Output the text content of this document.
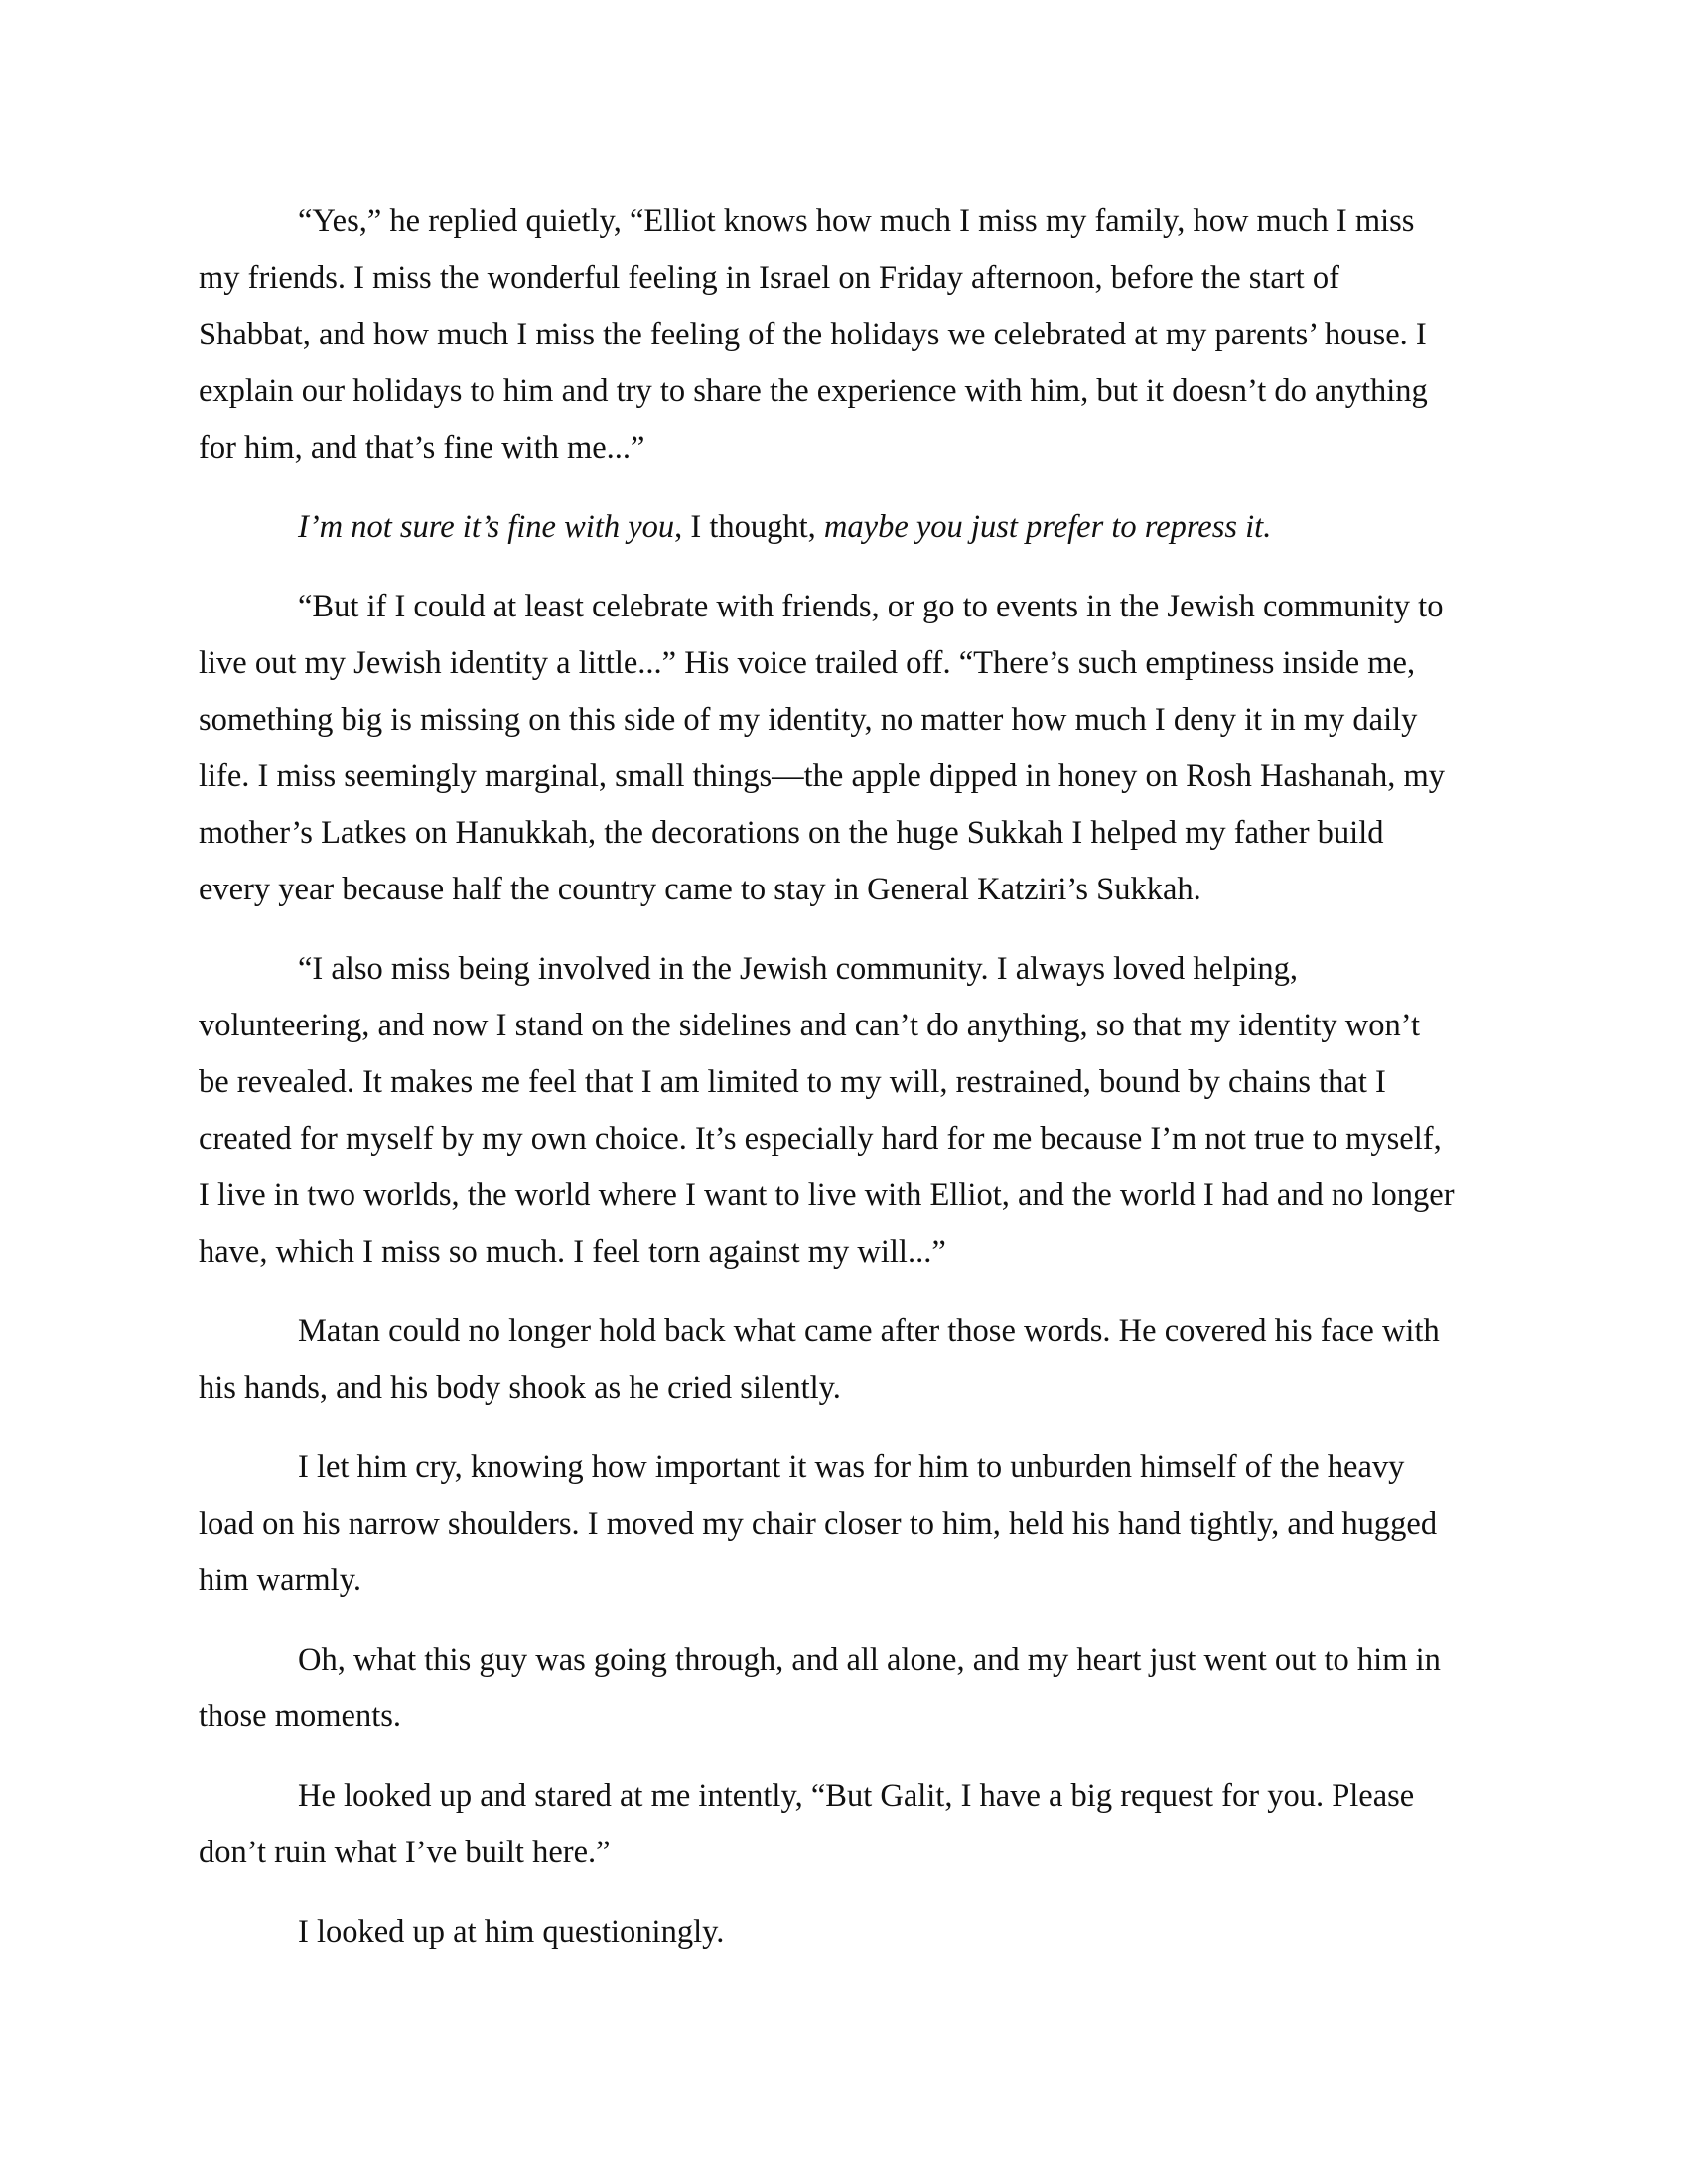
“Yes,” he replied quietly, “Elliot knows how much I miss my family, how much I miss
my friends. I miss the wonderful feeling in Israel on Friday afternoon, before the start of
Shabbat, and how much I miss the feeling of the holidays we celebrated at my parents’ house. I
explain our holidays to him and try to share the experience with him, but it doesn’t do anything
for him, and that’s fine with me...”

I’m not sure it’s fine with you, I thought, maybe you just prefer to repress it.

“But if I could at least celebrate with friends, or go to events in the Jewish community to
live out my Jewish identity a little...” His voice trailed off. “There’s such emptiness inside me,
something big is missing on this side of my identity, no matter how much I deny it in my daily
life. I miss seemingly marginal, small things—the apple dipped in honey on Rosh Hashanah, my
mother’s Latkes on Hanukkah, the decorations on the huge Sukkah I helped my father build
every year because half the country came to stay in General Katziri’s Sukkah.

“I also miss being involved in the Jewish community. I always loved helping,
volunteering, and now I stand on the sidelines and can’t do anything, so that my identity won’t
be revealed. It makes me feel that I am limited to my will, restrained, bound by chains that I
created for myself by my own choice. It’s especially hard for me because I’m not true to myself,
I live in two worlds, the world where I want to live with Elliot, and the world I had and no longer
have, which I miss so much. I feel torn against my will...”

Matan could no longer hold back what came after those words. He covered his face with
his hands, and his body shook as he cried silently.

I let him cry, knowing how important it was for him to unburden himself of the heavy
load on his narrow shoulders. I moved my chair closer to him, held his hand tightly, and hugged
him warmly.

Oh, what this guy was going through, and all alone, and my heart just went out to him in
those moments.

He looked up and stared at me intently, “But Galit, I have a big request for you. Please
don’t ruin what I’ve built here.”

I looked up at him questioningly.
